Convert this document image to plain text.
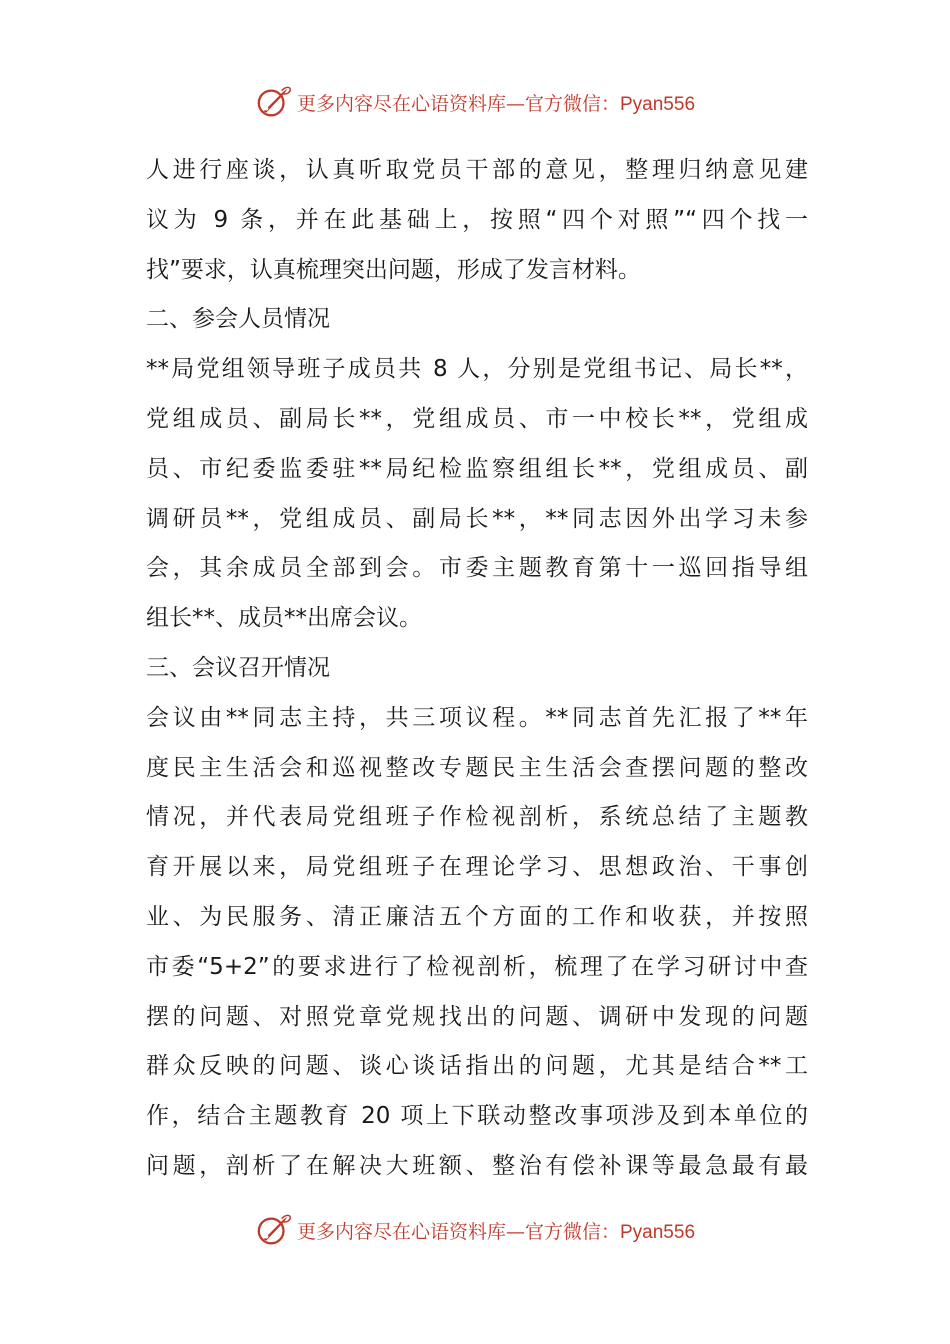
更多内容尽在心语资料库—官方微信：Pyan556
人进行座谈，认真听取党员干部的意见，整理归纳意见建
议为 9 条，并在此基础上，按照“四个对照”“四个找一
找”要求，认真梳理突出问题，形成了发言材料。
二、参会人员情况
**局党组领导班子成员共 8 人，分别是党组书记、局长**，
党组成员、副局长**，党组成员、市一中校长**，党组成
员、市纪委监委驻**局纪检监察组组长**，党组成员、副
调研员**，党组成员、副局长**，**同志因外出学习未参
会，其余成员全部到会。市委主题教育第十一巡回指导组
组长**、成员**出席会议。
三、会议召开情况
会议由**同志主持，共三项议程。**同志首先汇报了**年
度民主生活会和巡视整改专题民主生活会查摆问题的整改
情况，并代表局党组班子作检视剖析，系统总结了主题教
育开展以来，局党组班子在理论学习、思想政治、干事创
业、为民服务、清正廉洁五个方面的工作和收获，并按照
市委“5+2”的要求进行了检视剖析，梳理了在学习研讨中查
摆的问题、对照党章党规找出的问题、调研中发现的问题
群众反映的问题、谈心谈话指出的问题，尤其是结合**工
作，结合主题教育 20 项上下联动整改事项涉及到本单位的
问题，剖析了在解决大班额、整治有偿补课等最急最有最
更多内容尽在心语资料库—官方微信：Pyan556
